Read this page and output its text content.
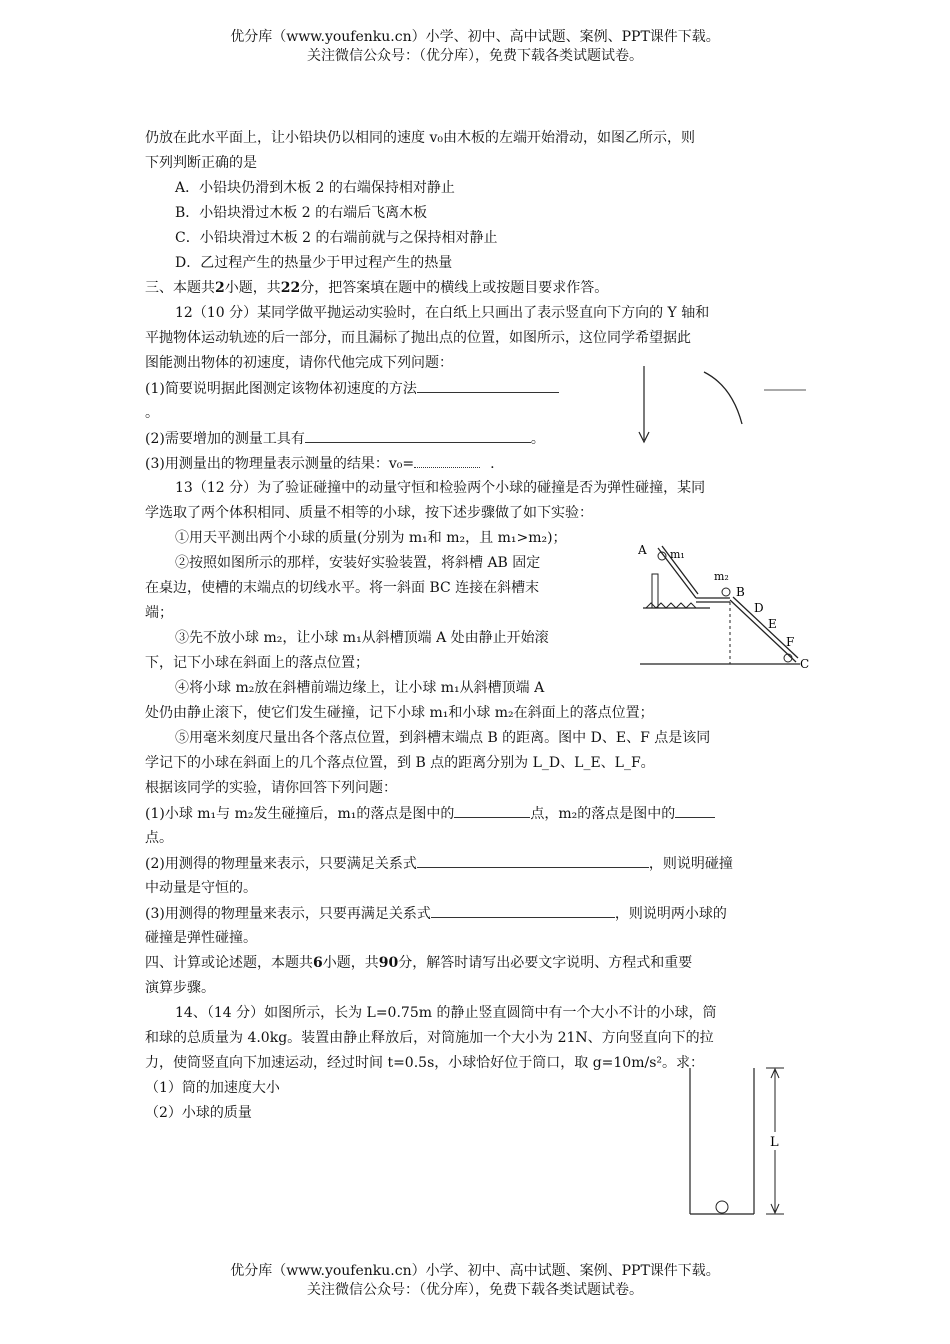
优分库（www.youfenku.cn）小学、初中、高中试题、案例、PPT课件下载。
关注微信公众号：（优分库），免费下载各类试题试卷。
仍放在此水平面上，让小铅块仍以相同的速度 v₀由木板的左端开始滑动，如图乙所示，则
下列判断正确的是
A．小铅块仍滑到木板 2 的右端保持相对静止
B．小铅块滑过木板 2 的右端后飞离木板
C．小铅块滑过木板 2 的右端前就与之保持相对静止
D．乙过程产生的热量少于甲过程产生的热量
三、本题共2小题，共22分，把答案填在题中的横线上或按题目要求作答。
12（10 分）某同学做平抛运动实验时，在白纸上只画出了表示竖直向下方向的 Y 轴和
平抛物体运动轨迹的后一部分，而且漏标了抛出点的位置，如图所示，这位同学希望据此
图能测出物体的初速度，请你代他完成下列问题：
(1)简要说明据此图测定该物体初速度的方法
。
(2)需要增加的测量工具有	。
(3)用测量出的物理量表示测量的结果：v₀=	.
13（12 分）为了验证碰撞中的动量守恒和检验两个小球的碰撞是否为弹性碰撞，某同
学选取了两个体积相同、质量不相等的小球，按下述步骤做了如下实验：
①用天平测出两个小球的质量(分别为 m₁和 m₂，且 m₁>m₂)；
②按照如图所示的那样，安装好实验装置，将斜槽 AB 固定
在桌边，使槽的末端点的切线水平。将一斜面 BC 连接在斜槽末
端；
③先不放小球 m₂，让小球 m₁从斜槽顶端 A 处由静止开始滚
下，记下小球在斜面上的落点位置；
④将小球 m₂放在斜槽前端边缘上，让小球 m₁从斜槽顶端 A
处仍由静止滚下，使它们发生碰撞，记下小球 m₁和小球 m₂在斜面上的落点位置；
⑤用毫米刻度尺量出各个落点位置，到斜槽末端点 B 的距离。图中 D、E、F 点是该同
学记下的小球在斜面上的几个落点位置，到 B 点的距离分别为 L_D、L_E、L_F。
根据该同学的实验，请你回答下列问题：
(1)小球 m₁与 m₂发生碰撞后，m₁的落点是图中的	点，m₂的落点是图中的
点。
(2)用测得的物理量来表示，只要满足关系式	，则说明碰撞
中动量是守恒的。
(3)用测得的物理量来表示，只要再满足关系式	，则说明两小球的
碰撞是弹性碰撞。
四、计算或论述题，本题共6小题，共90分，解答时请写出必要文字说明、方程式和重要
演算步骤。
14、（14 分）如图所示，长为 L=0.75m 的静止竖直圆筒中有一个大小不计的小球，筒
和球的总质量为 4.0kg。装置由静止释放后，对筒施加一个大小为 21N、方向竖直向下的拉
力，使筒竖直向下加速运动，经过时间 t=0.5s，小球恰好位于筒口，取 g=10m/s²。求：
（1）筒的加速度大小
（2）小球的质量
A m₁
m₂
B
D
E
F
C
L
优分库（www.youfenku.cn）小学、初中、高中试题、案例、PPT课件下载。
关注微信公众号：（优分库），免费下载各类试题试卷。
